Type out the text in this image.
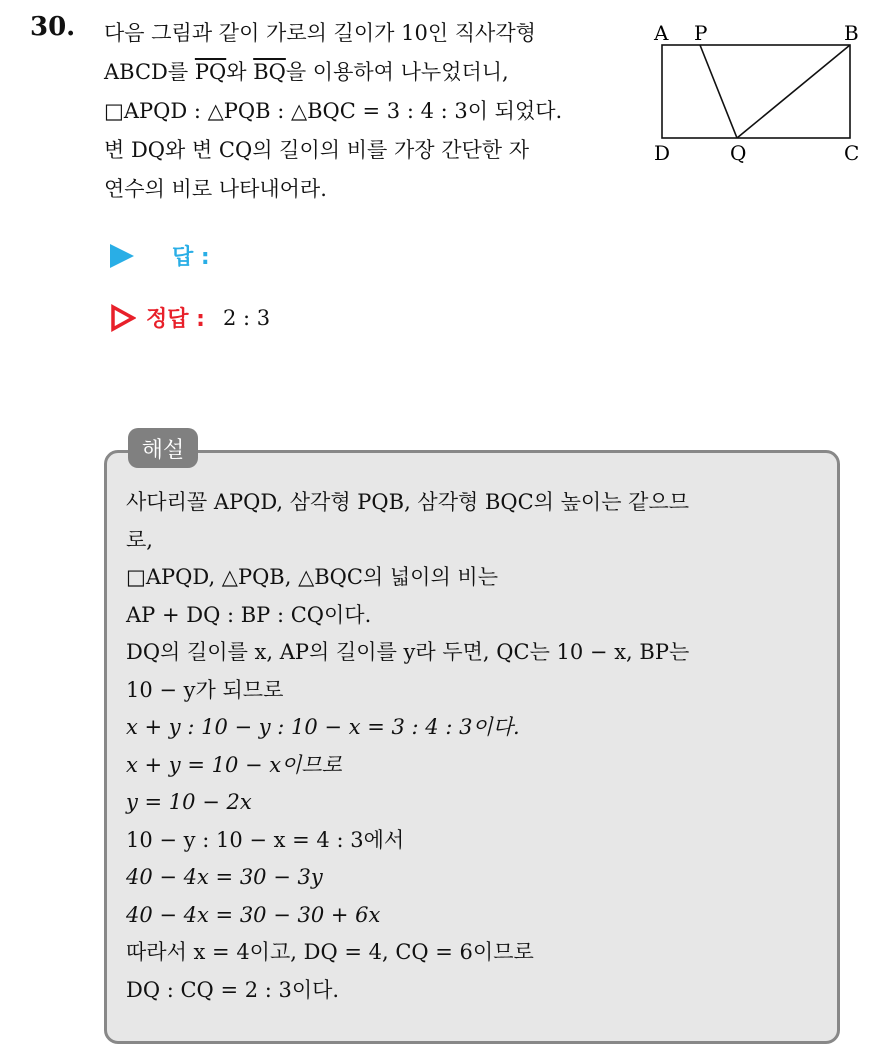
30. 다음 그림과 같이 가로의 길이가 10인 직사각형
ABCD를 $\overline{PQ}$와 $\overline{BQ}$을 이용하여 나누었더니,
□APQD : △PQB : △BQC = 3 : 4 : 3이 되었다.
변 DQ와 변 CQ의 길이의 비를 가장 간단한 자
연수의 비로 나타내어라.
A P	B
D	Q	C
답 :
정답 : 2 : 3
해설
사다리꼴 APQD, 삼각형 PQB, 삼각형 BQC의 높이는 같으므
로,
□APQD, △PQB, △BQC의 넓이의 비는
AP + DQ : BP : CQ이다.
DQ의 길이를 x, AP의 길이를 y라 두면, QC는 10 − x, BP는
10 − y가 되므로
x + y : 10 − y : 10 − x = 3 : 4 : 3이다.
x + y = 10 − x이므로
y = 10 − 2x
10 − y : 10 − x = 4 : 3에서
40 − 4x = 30 − 3y
40 − 4x = 30 − 30 + 6x
따라서 x = 4이고, DQ = 4, CQ = 6이므로
DQ : CQ = 2 : 3이다.
